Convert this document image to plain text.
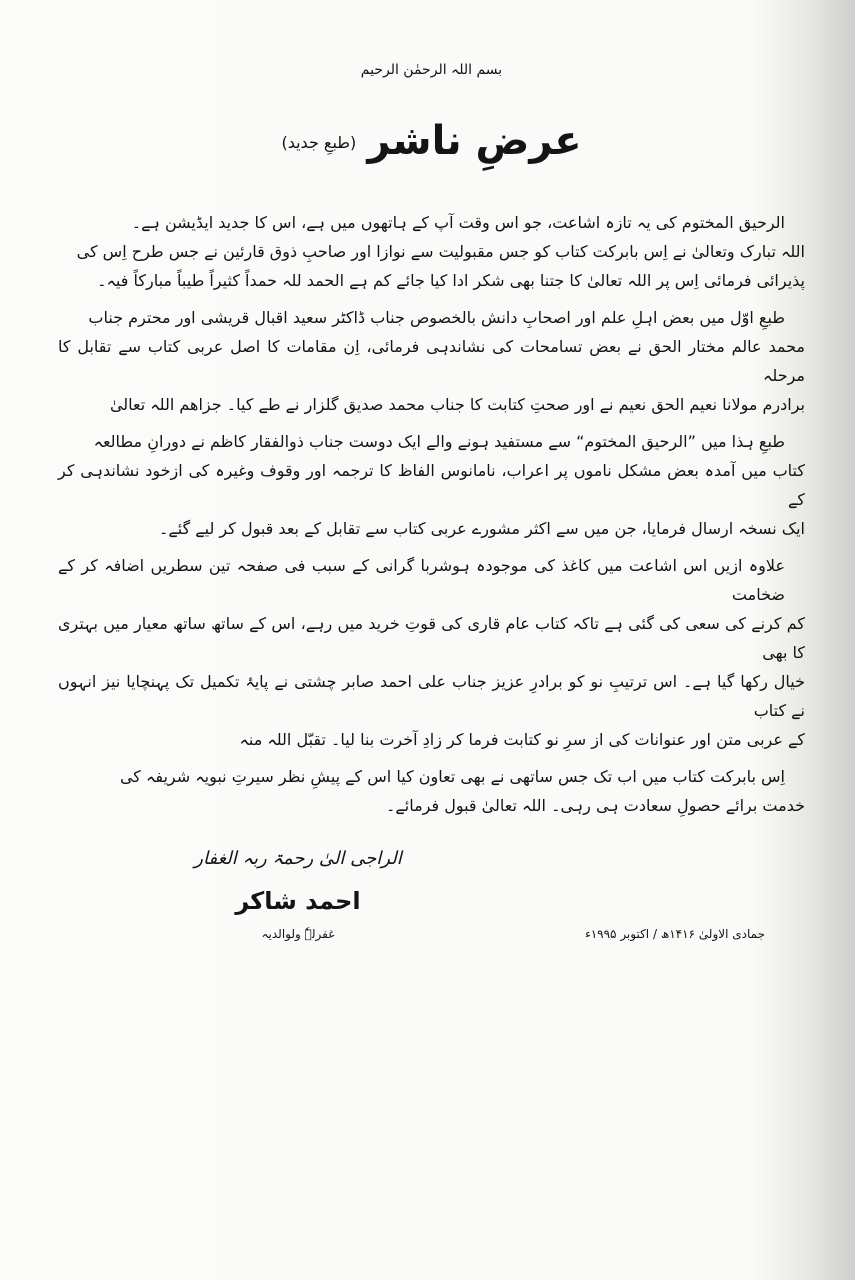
بسم اللہ الرحمٰن الرحیم
عرضِ ناشر (طبعِ جدید)
الرحیق المختوم کی یہ تازہ اشاعت، جو اس وقت آپ کے ہاتھوں میں ہے، اس کا جدید ایڈیشن ہے۔
اللہ تبارک وتعالیٰ نے اِس بابرکت کتاب کو جس مقبولیت سے نوازا اور صاحبِ ذوق قارئین نے جس طرح اِس کی
پذیرائی فرمائی اِس پر اللہ تعالیٰ کا جتنا بھی شکر ادا کیا جائے کم ہے الحمد للہ حمداً کثیراً طیباً مبارکاً فیہ۔
طبعِ اوّل میں بعض اہلِ علم اور اصحابِ دانش بالخصوص جناب ڈاکٹر سعید اقبال قریشی اور محترم جناب
محمد عالم مختار الحق نے بعض تسامحات کی نشاندہی فرمائی، اِن مقامات کا اصل عربی کتاب سے تقابل کا مرحلہ
برادرم مولانا نعیم الحق نعیم نے اور صحتِ کتابت کا جناب محمد صدیق گلزار نے طے کیا۔ جزاھم اللہ تعالیٰ
طبعِ ہذا میں ”الرحیق المختوم“ سے مستفید ہونے والے ایک دوست جناب ذوالفقار کاظم نے دورانِ مطالعہ
کتاب میں آمدہ بعض مشکل ناموں پر اعراب، نامانوس الفاظ کا ترجمہ اور وقوف وغیرہ کی ازخود نشاندہی کر کے
ایک نسخہ ارسال فرمایا، جن میں سے اکثر مشورے عربی کتاب سے تقابل کے بعد قبول کر لیے گئے۔
علاوہ ازیں اس اشاعت میں کاغذ کی موجودہ ہوشربا گرانی کے سبب فی صفحہ تین سطریں اضافہ کر کے ضخامت
کم کرنے کی سعی کی گئی ہے تاکہ کتاب عام قاری کی قوتِ خرید میں رہے، اس کے ساتھ ساتھ معیار میں بہتری کا بھی
خیال رکھا گیا ہے۔ اس ترتیبِ نو کو برادرِ عزیز جناب علی احمد صابر چشتی نے پایۂ تکمیل تک پہنچایا نیز انہوں نے کتاب
کے عربی متن اور عنوانات کی از سرِ نو کتابت فرما کر زادِ آخرت بنا لیا۔ تقبّل اللہ منہ
اِس بابرکت کتاب میں اب تک جس ساتھی نے بھی تعاون کیا اس کے پیشِ نظر سیرتِ نبویہ شریفہ کی
خدمت برائے حصولِ سعادت ہی رہی۔ اللہ تعالیٰ قبول فرمائے۔
الراجی الیٰ رحمۃ ربہ الغفار
احمد شاکر
غفرلہٗ ولوالدیہ	جمادی الاولیٰ ۱۴۱۶ھ / اکتوبر ۱۹۹۵ء
